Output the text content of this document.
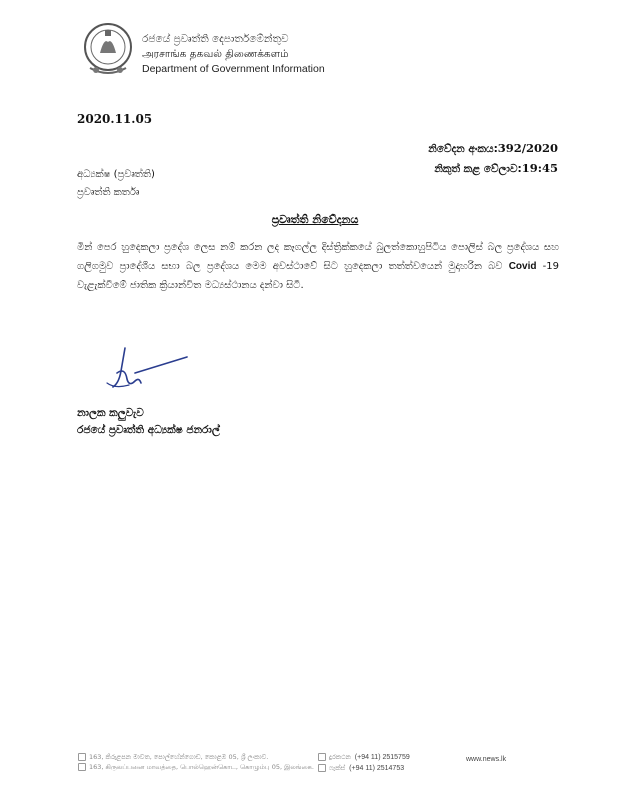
රජයේ ප්‍රවෘත්ති දෙපාර්තමේන්තුව
அரசாங்க தகவல் திணைக்களம்
Department of Government Information
2020.11.05
නිවේදන අංකය:392/2020
නිකුත් කළ වේලාව:19:45
අධ්‍යක්ෂ (ප්‍රවෘත්ති)
ප්‍රවෘත්ති කර්තෘ
ප්‍රවෘත්ති නිවේදනය
මින් පෙර හුදෙකලා ප්‍රදේශ ලෙස නම් කරන ලද කෑගල්ල දිස්ත්‍රික්කයේ බුලත්කොහුපිටිය පොලිස් බල ප්‍රදේශය සහ ගලිගමුව ප්‍රාදේශීය සභා බල ප්‍රදේශය මෙම අවස්ථාවේ සිට හුදෙකලා තත්ත්වයෙන් මුදාහරින බව Covid -19 වැළැක්වීමේ ජාතික ක්‍රියාන්විත මධ්‍යස්ථානය දන්වා සිටී.
නාලක කලුවැව
රජයේ ප්‍රවෘත්ති අධ්‍යක්ෂ ජනරාල්
163, කිරුළපන මාවත, පොල්හේන්ගොඩ, කොළඹ 05, ශ්‍රී ලංකාව.
163, கிருலப்பனை மாவத்தை, பொல்ஹென்கொட, கொழும்பு 05, இலங்கை.
දුරකථන (+94 11) 2515759
ෆැක්ස් (+94 11) 2514753
www.news.lk
